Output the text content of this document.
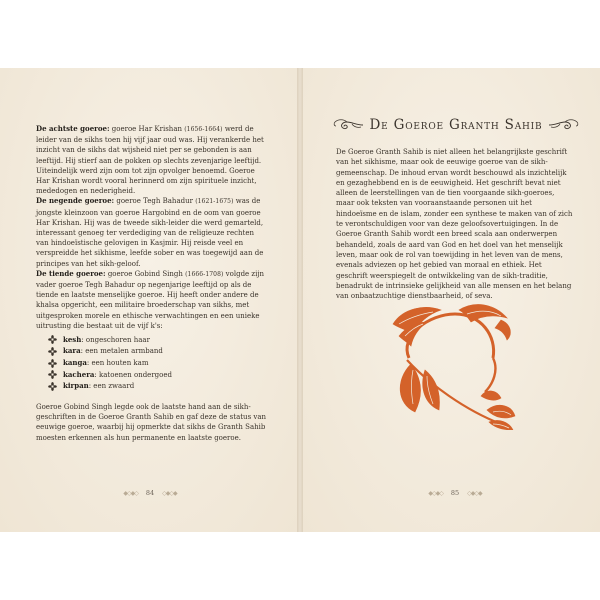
De achtste goeroe: goeroe Har Krishan (1656-1664) werd de leider van de sikhs toen hij vijf jaar oud was. Hij verankerde het inzicht van de sikhs dat wijsheid niet per se gebonden is aan leeftijd. Hij stierf aan de pokken op slechts zevenjarige leeftijd. Uiteindelijk werd zijn oom tot zijn opvolger benoemd. Goeroe Har Krishan wordt vooral herinnerd om zijn spirituele inzicht, mededogen en nederigheid.

De negende goeroe: goeroe Tegh Bahadur (1621-1675) was de jongste kleinzoon van goeroe Hargobind en de oom van goeroe Har Krishan. Hij was de tweede sikh-leider die werd gemarteld, interessant genoeg ter verdediging van de religieuze rechten van hindoeïstische gelovigen in Kasjmir. Hij reisde veel en verspreidde het sikhisme, leefde sober en was toegewijd aan de principes van het sikh-geloof.

De tiende goeroe: goeroe Gobind Singh (1666-1708) volgde zijn vader goeroe Tegh Bahadur op negenjarige leeftijd op als de tiende en laatste menselijke goeroe. Hij heeft onder andere de khalsa opgericht, een militaire broederschap van sikhs, met uitgesproken morele en ethische verwachtingen en een unieke uitrusting die bestaat uit de vijf k's:

kesh: ongeschoren haar
kara: een metalen armband
kanga: een houten kam
kachera: katoenen ondergoed
kirpan: een zwaard

Goeroe Gobind Singh legde ook de laatste hand aan de sikh-geschriften in de Goeroe Granth Sahib en gaf deze de status van eeuwige goeroe, waarbij hij opmerkte dat sikhs de Granth Sahib moesten erkennen als hun permanente en laatste goeroe.

◆◇◆◇ 84 ◇◆◇◆
De Goeroe Granth Sahib

De Goeroe Granth Sahib is niet alleen het belangrijkste geschrift van het sikhisme, maar ook de eeuwige goeroe van de sikh-gemeenschap. De inhoud ervan wordt beschouwd als inzichtelijk en gezaghebbend en is de eeuwigheid. Het geschrift bevat niet alleen de leerstellingen van de tien voorgaande sikh-goeroes, maar ook teksten van vooraanstaande personen uit het hindoeïsme en de islam, zonder een synthese te maken van of zich te verontschuldigen voor van deze geloofsovertuigingen. In de Goeroe Granth Sahib wordt een breed scala aan onderwerpen behandeld, zoals de aard van God en het doel van het menselijk leven, maar ook de rol van toewijding in het leven van de mens, evenals adviezen op het gebied van moraal en ethiek. Het geschrift weerspiegelt de ontwikkeling van de sikh-traditie, benadrukt de intrinsieke gelijkheid van alle mensen en het belang van onbaatzuchtige dienstbaarheid, of seva.

◆◇◆◇ 85 ◇◆◇◆
